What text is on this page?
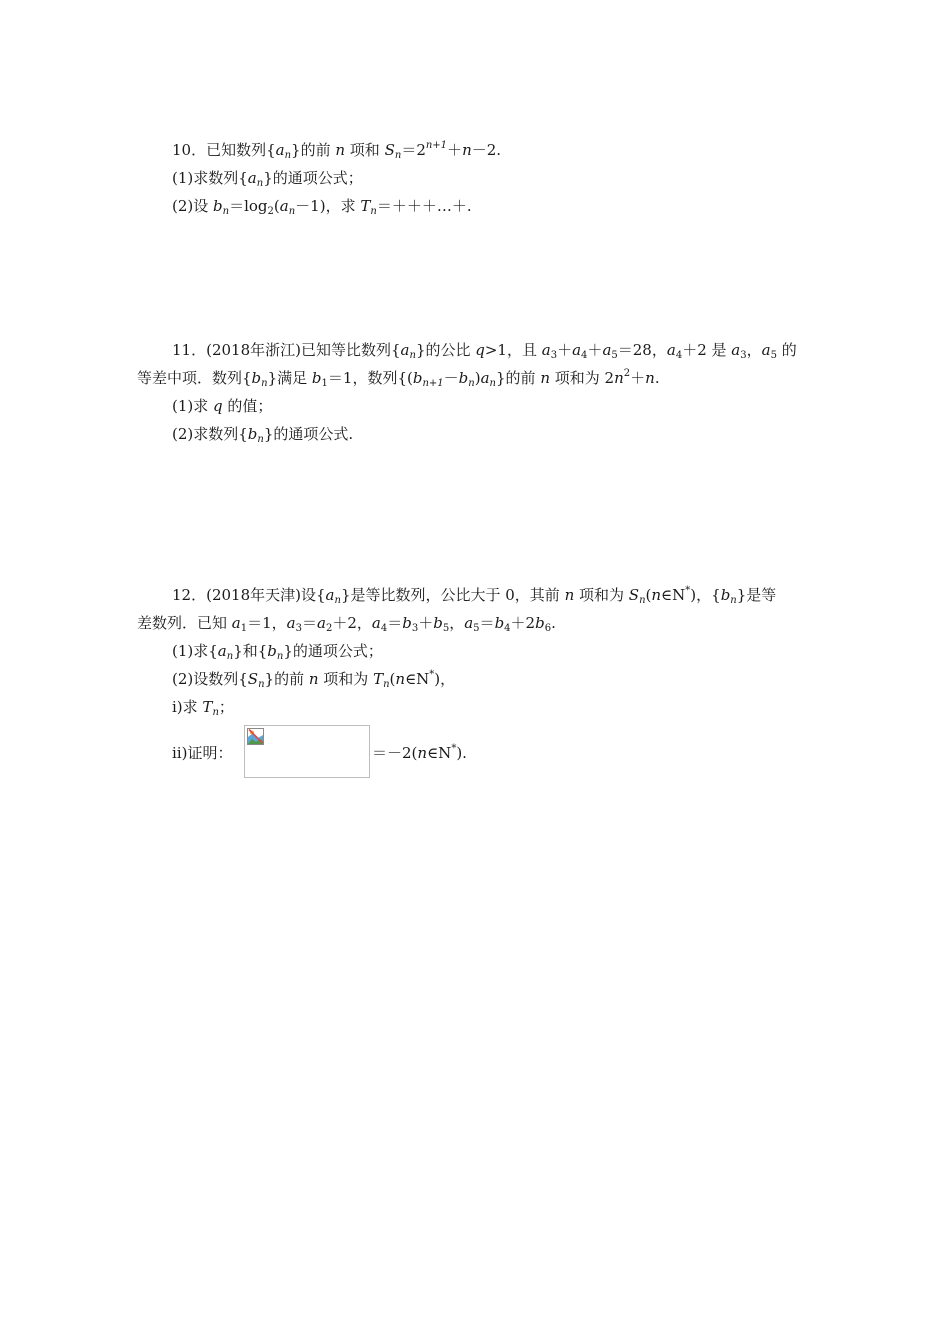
10．已知数列$\{a_n\}$的前 n 项和 $S_n=2^{n+1}+n-2$.
(1)求数列$\{a_n\}$的通项公式；
(2)设 $b_n=\log_2(a_n-1)$，求 $T_n=+++\dots+$.
11．(2018年浙江)已知等比数列$\{a_n\}$的公比 q>1，且 $a_3+a_4+a_5=28$，$a_4+2$ 是 $a_3$，$a_5$ 的
等差中项．数列$\{b_n\}$满足 $b_1=1$，数列$\{(b_{n+1}-b_n)a_n\}$的前 n 项和为 $2n^2+n$.
(1)求 q 的值；
(2)求数列$\{b_n\}$的通项公式.
12．(2018年天津)设$\{a_n\}$是等比数列，公比大于 0，其前 n 项和为 $S_n(n\in N^*)$，$\{b_n\}$是等
差数列．已知 $a_1=1$，$a_3=a_2+2$，$a_4=b_3+b_5$，$a_5=b_4+2b_6$.
(1)求$\{a_n\}$和$\{b_n\}$的通项公式；
(2)设数列$\{S_n\}$的前 n 项和为 $T_n(n\in N^*)$，
ⅰ)求 $T_n$；
ⅱ)证明：	＝－2(n∈N*).
